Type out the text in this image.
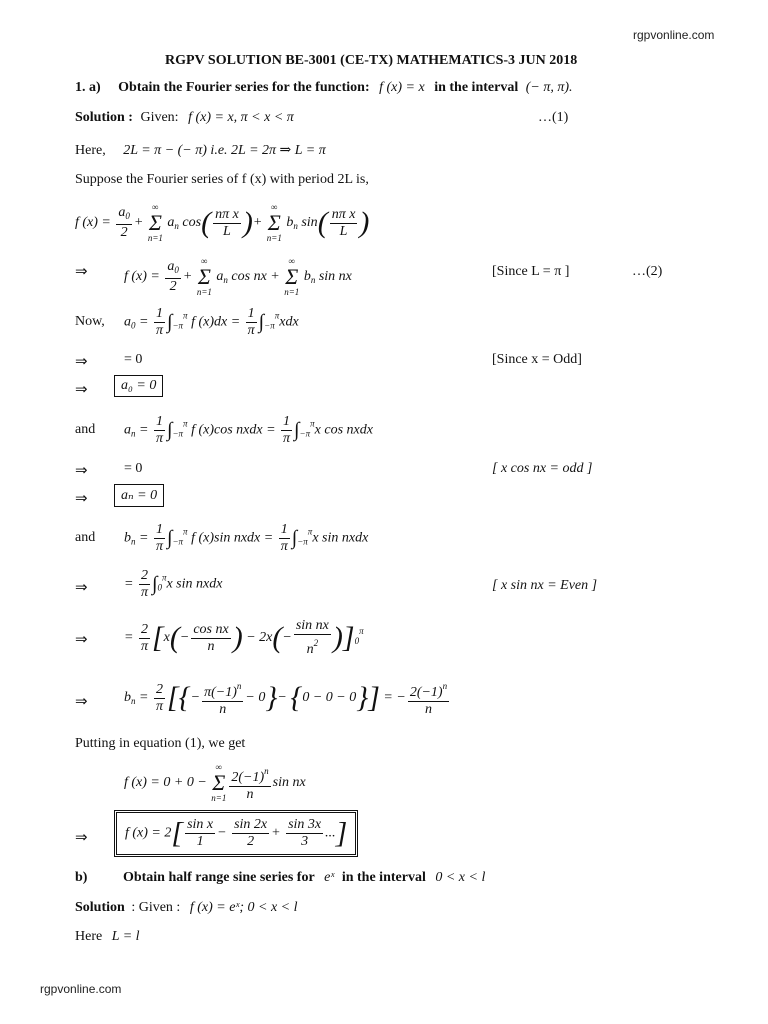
rgpvonline.com
RGPV SOLUTION BE-3001 (CE-TX) MATHEMATICS-3 JUN 2018
1. a) Obtain the Fourier series for the function: f (x) = x in the interval (− π, π).
Solution : Given: f (x) = x, π < x < π	…(1)
Here, 2L = π − (− π) i.e. 2L = 2π ⇒ L = π
Suppose the Fourier series of f (x) with period 2L is,
f $(x) = \frac{a_0}{2}$ +
∞
Σ
n=1
$a_n$ $\cos( \frac{\text{nπ x}}{L}$ )+
∞
Σ
n=1
$b_n$ $\sin( \frac{\text{nπ x}}{L}$ )
⇒	f $(x) = \frac{a_0}{2}$ +
∞
Σ
n=1
$a_n$ cos nx +
∞
Σ
n=1
$b_n$ sin nx	[Since L = π ]	…(2)
Now, $a_0 = \frac{1}{\pi} \int_{-\pi}^\pi$ f $(x)dx = \frac{1}{\pi} \int_{-\pi}^\pi xdx$
⇒	= 0	[Since x = Odd]
⇒	a₀ = 0
and $a_n = \frac{1}{\pi} \int_{-\pi}^\pi$ f (x)cos nxdx = $\frac{1}{\pi} \int_{-\pi}^\pi x$ cos nxdx
⇒	= 0	[ x cos nx = odd ]
⇒	aₙ = 0
and $b_n = \frac{1}{\pi} \int_{-\pi}^\pi$ f (x)sin nxdx = $\frac{1}{\pi} \int_{-\pi}^\pi x$ sin nxdx
⇒	= $\frac{2}{\pi} \int_0^\pi x$ sin nxdx	[ x sin nx = Even ]
⇒	= $\frac{2}{\pi} [x(- \frac{\text{cos nx}}{n}$ ) − $2x(- \frac{\text{sin nx}}{n^2} )]_0^\pi$
⇒	$b_n = \frac{2}{\pi}$ [{− $\frac{\pi(-1)^n}{n} - 0\}- \{0 - 0 - 0\}$] = − $\frac{2(-1)^n}{n}$
Putting in equation (1), we get
f (x) = 0 + 0 −
∞
Σ
$n=1 \frac{2(-1)^n}{n}$ sin nx
⇒	f $(x) = 2[ \frac{\text{sin x}}{1} - \frac{\sin 2x}{2} + \frac{\sin 3x}{3}$ ...]
b)	Obtain half range sine series for eˣ in the interval 0 < x < l
Solution : Given : f (x) = eˣ; 0 < x < l
Here L = l
rgpvonline.com
